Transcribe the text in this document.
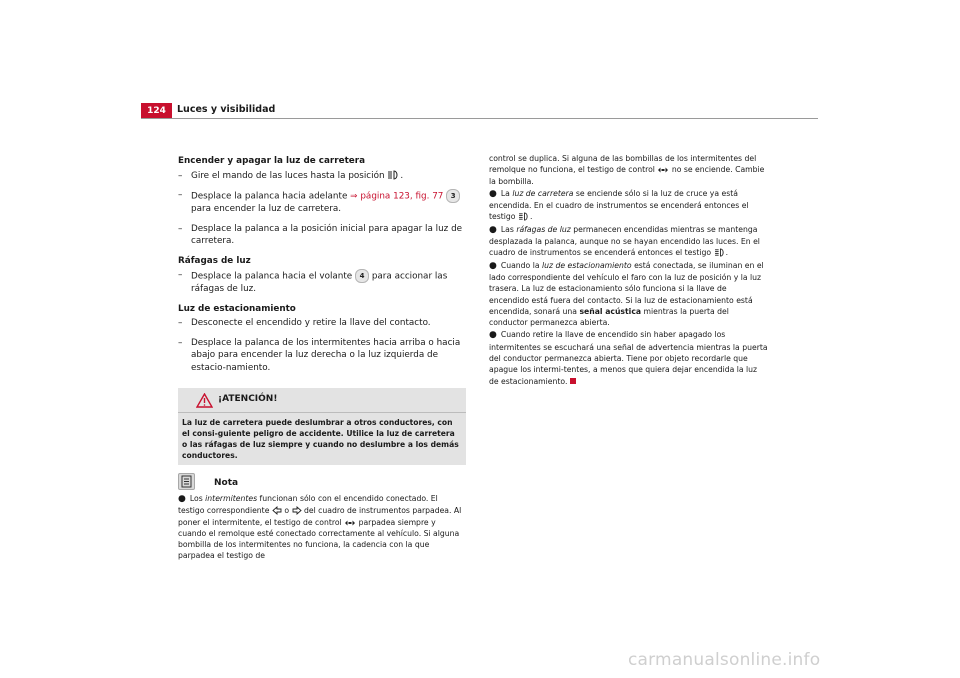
124	Luces y visibilidad
Encender y apagar la luz de carretera
– Gire el mando de las luces hasta la posición .
– Desplace la palanca hacia adelante ⇒ página 123, fig. 77 3
para encender la luz de carretera.
– Desplace la palanca a la posición inicial para apagar la luz de carretera.
Ráfagas de luz
– Desplace la palanca hacia el volante 4 para accionar las ráfagas de luz.
Luz de estacionamiento
– Desconecte el encendido y retire la llave del contacto.
– Desplace la palanca de los intermitentes hacia arriba o hacia abajo para encender la luz derecha o la luz izquierda de estacio-namiento.
¡ATENCIÓN!
La luz de carretera puede deslumbrar a otros conductores, con el consi-guiente peligro de accidente. Utilice la luz de carretera o las ráfagas de luz siempre y cuando no deslumbre a los demás conductores.
Nota
● Los intermitentes funcionan sólo con el encendido conectado. El testigo correspondiente o del cuadro de instrumentos parpadea. Al poner el intermitente, el testigo de control parpadea siempre y cuando el remolque esté conectado correctamente al vehículo. Si alguna bombilla de los intermitentes no funciona, la cadencia con la que parpadea el testigo de
control se duplica. Si alguna de las bombillas de los intermitentes del remolque no funciona, el testigo de control no se enciende. Cambie la bombilla.
● La luz de carretera se enciende sólo si la luz de cruce ya está encendida. En el cuadro de instrumentos se encenderá entonces el testigo .
● Las ráfagas de luz permanecen encendidas mientras se mantenga desplazada la palanca, aunque no se hayan encendido las luces. En el cuadro de instrumentos se encenderá entonces el testigo .
● Cuando la luz de estacionamiento está conectada, se iluminan en el lado correspondiente del vehículo el faro con la luz de posición y la luz trasera. La luz de estacionamiento sólo funciona si la llave de encendido está fuera del contacto. Si la luz de estacionamiento está encendida, sonará una señal acústica mientras la puerta del conductor permanezca abierta.
● Cuando retire la llave de encendido sin haber apagado los intermitentes se escuchará una señal de advertencia mientras la puerta del conductor permanezca abierta. Tiene por objeto recordarle que apague los intermi-tentes, a menos que quiera dejar encendida la luz de estacionamiento.
carmanualsonline.info
